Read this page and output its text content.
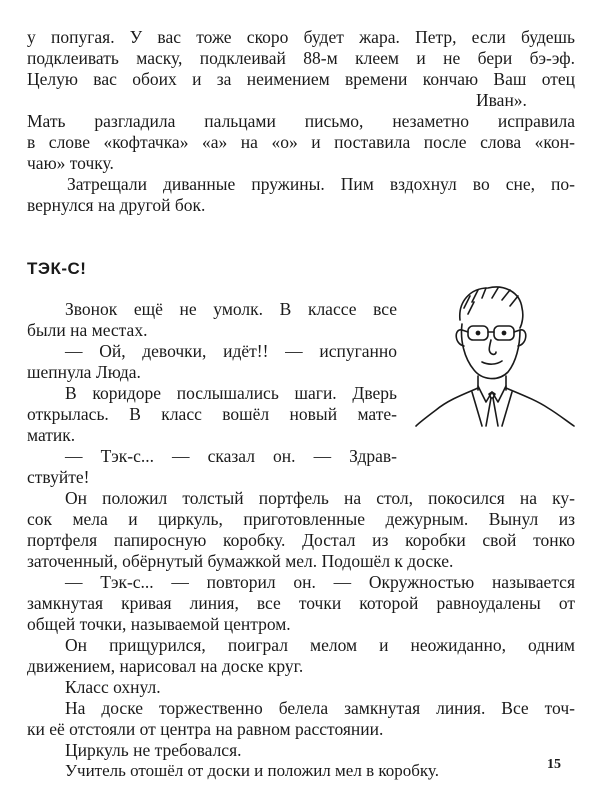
у попугая. У вас тоже скоро будет жара. Петр, если будешь
подклеивать маску, подклеивай 88-м клеем и не бери бэ-эф.
Целую вас обоих и за неимением времени кончаю Ваш отец
Иван».
Мать разгладила пальцами письмо, незаметно исправила
в слове «кофтачка» «а» на «о» и поставила после слова «кон-
чаю» точку.
Затрещали диванные пружины. Пим вздохнул во сне, по-
вернулся на другой бок.
ТЭК-С!
Звонок ещё не умолк. В классе все
были на местах.
— Ой, девочки, идёт!! — испуганно
шепнула Люда.
В коридоре послышались шаги. Дверь
открылась. В класс вошёл новый мате-
матик.
— Тэк-с... — сказал он. — Здрав-
ствуйте!
Он положил толстый портфель на стол, покосился на ку-
сок мела и циркуль, приготовленные дежурным. Вынул из
портфеля папиросную коробку. Достал из коробки свой тонко
заточенный, обёрнутый бумажкой мел. Подошёл к доске.
— Тэк-с... — повторил он. — Окружностью называется
замкнутая кривая линия, все точки которой равноудалены от
общей точки, называемой центром.
Он прищурился, поиграл мелом и неожиданно, одним
движением, нарисовал на доске круг.
Класс охнул.
На доске торжественно белела замкнутая линия. Все точ-
ки её отстояли от центра на равном расстоянии.
Циркуль не требовался.
Учитель отошёл от доски и положил мел в коробку.	15
